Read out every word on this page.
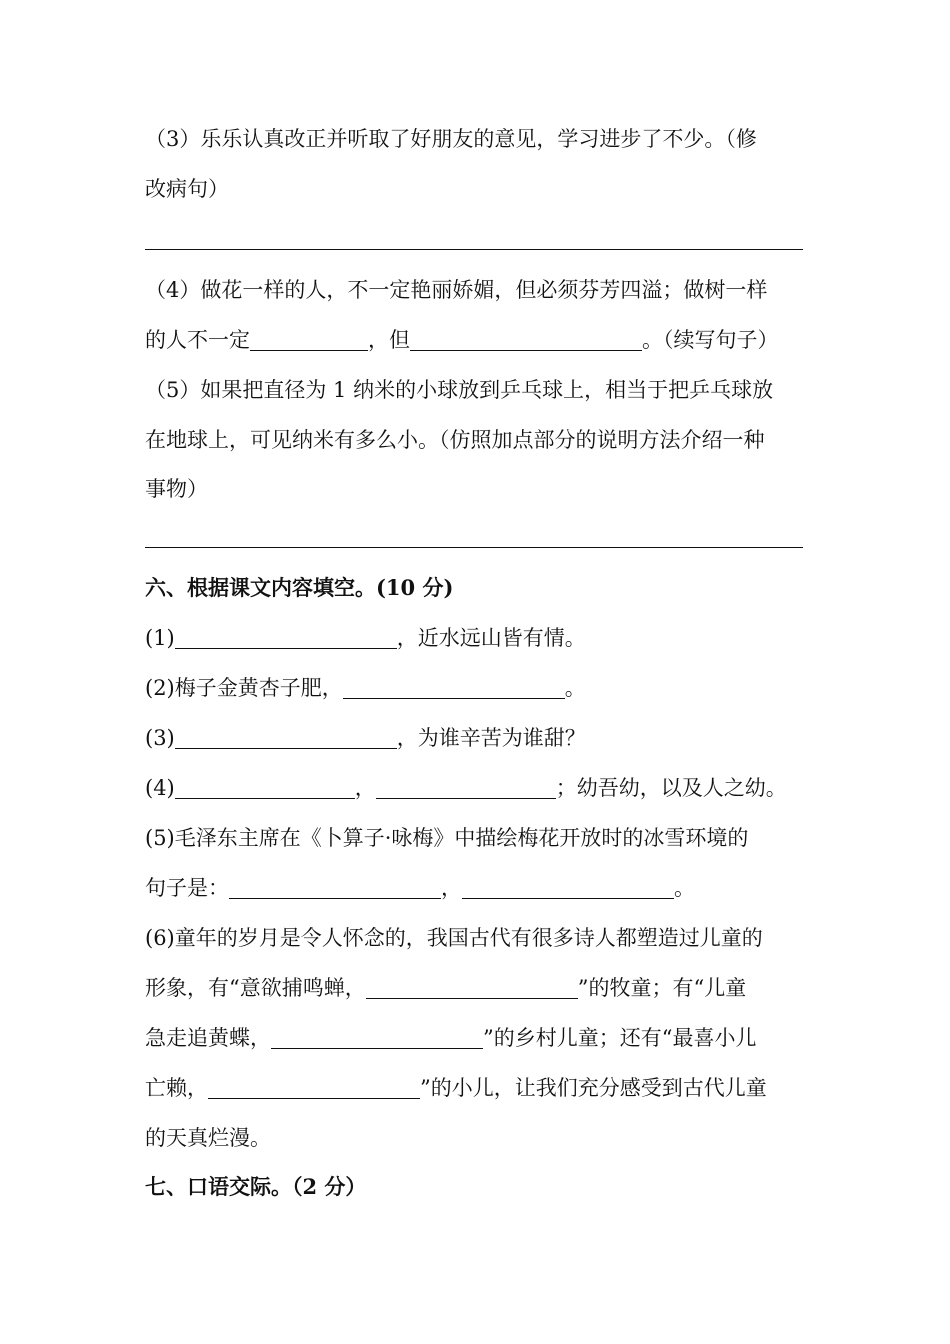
（3）乐乐认真改正并听取了好朋友的意见，学习进步了不少。（修
改病句）
（4）做花一样的人，不一定艳丽娇媚，但必须芬芳四溢；做树一样
的人不一定	，但	。（续写句子）
（5）如果把直径为 1 纳米的小球放到乒乓球上，相当于把乒乓球放
在地球上，可见纳米有多么小。（仿照加点部分的说明方法介绍一种
事物）
六、根据课文内容填空。(10 分)
(1)	，近水远山皆有情。
(2)梅子金黄杏子肥，	。
(3)	，为谁辛苦为谁甜？
(4)	，	；幼吾幼，以及人之幼。
(5)毛泽东主席在《卜算子·咏梅》中描绘梅花开放时的冰雪环境的
句子是：	，	。
(6)童年的岁月是令人怀念的，我国古代有很多诗人都塑造过儿童的
形象，有“意欲捕鸣蝉，	”的牧童；有“儿童
急走追黄蝶，	”的乡村儿童；还有“最喜小儿
亡赖，	”的小儿，让我们充分感受到古代儿童
的天真烂漫。
七、口语交际。（2 分）
